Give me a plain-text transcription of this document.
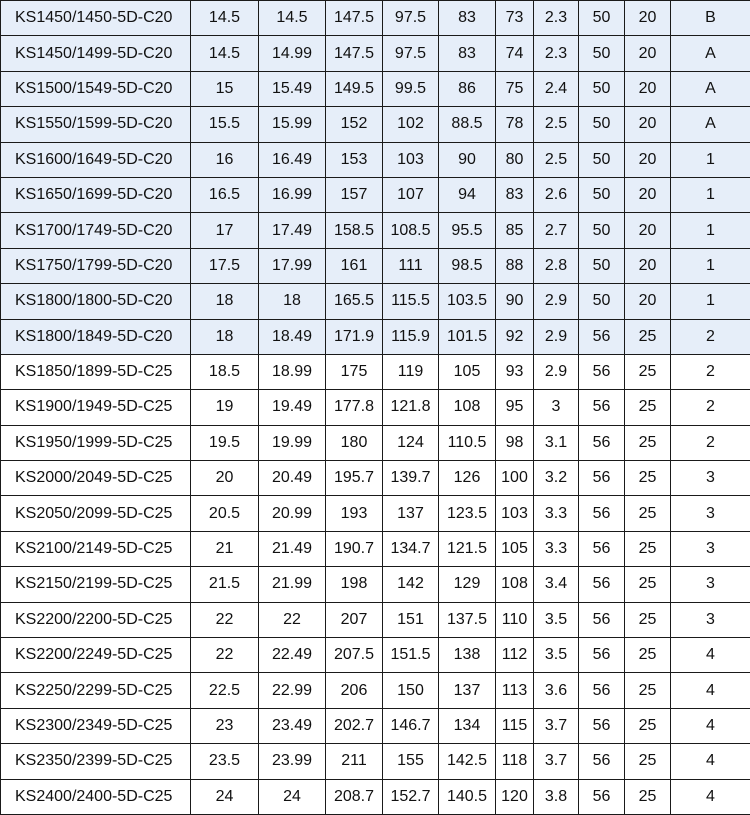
KS1450/1450-5D-C20	14.5	14.5	147.5	97.5	83	73	2.3	50	20	B
KS1450/1499-5D-C20	14.5	14.99	147.5	97.5	83	74	2.3	50	20	A
KS1500/1549-5D-C20	15	15.49	149.5	99.5	86	75	2.4	50	20	A
KS1550/1599-5D-C20	15.5	15.99	152	102	88.5	78	2.5	50	20	A
KS1600/1649-5D-C20	16	16.49	153	103	90	80	2.5	50	20	1
KS1650/1699-5D-C20	16.5	16.99	157	107	94	83	2.6	50	20	1
KS1700/1749-5D-C20	17	17.49	158.5	108.5	95.5	85	2.7	50	20	1
KS1750/1799-5D-C20	17.5	17.99	161	111	98.5	88	2.8	50	20	1
KS1800/1800-5D-C20	18	18	165.5	115.5	103.5	90	2.9	50	20	1
KS1800/1849-5D-C20	18	18.49	171.9	115.9	101.5	92	2.9	56	25	2
KS1850/1899-5D-C25	18.5	18.99	175	119	105	93	2.9	56	25	2
KS1900/1949-5D-C25	19	19.49	177.8	121.8	108	95	3	56	25	2
KS1950/1999-5D-C25	19.5	19.99	180	124	110.5	98	3.1	56	25	2
KS2000/2049-5D-C25	20	20.49	195.7	139.7	126	100	3.2	56	25	3
KS2050/2099-5D-C25	20.5	20.99	193	137	123.5	103	3.3	56	25	3
KS2100/2149-5D-C25	21	21.49	190.7	134.7	121.5	105	3.3	56	25	3
KS2150/2199-5D-C25	21.5	21.99	198	142	129	108	3.4	56	25	3
KS2200/2200-5D-C25	22	22	207	151	137.5	110	3.5	56	25	3
KS2200/2249-5D-C25	22	22.49	207.5	151.5	138	112	3.5	56	25	4
KS2250/2299-5D-C25	22.5	22.99	206	150	137	113	3.6	56	25	4
KS2300/2349-5D-C25	23	23.49	202.7	146.7	134	115	3.7	56	25	4
KS2350/2399-5D-C25	23.5	23.99	211	155	142.5	118	3.7	56	25	4
KS2400/2400-5D-C25	24	24	208.7	152.7	140.5	120	3.8	56	25	4
